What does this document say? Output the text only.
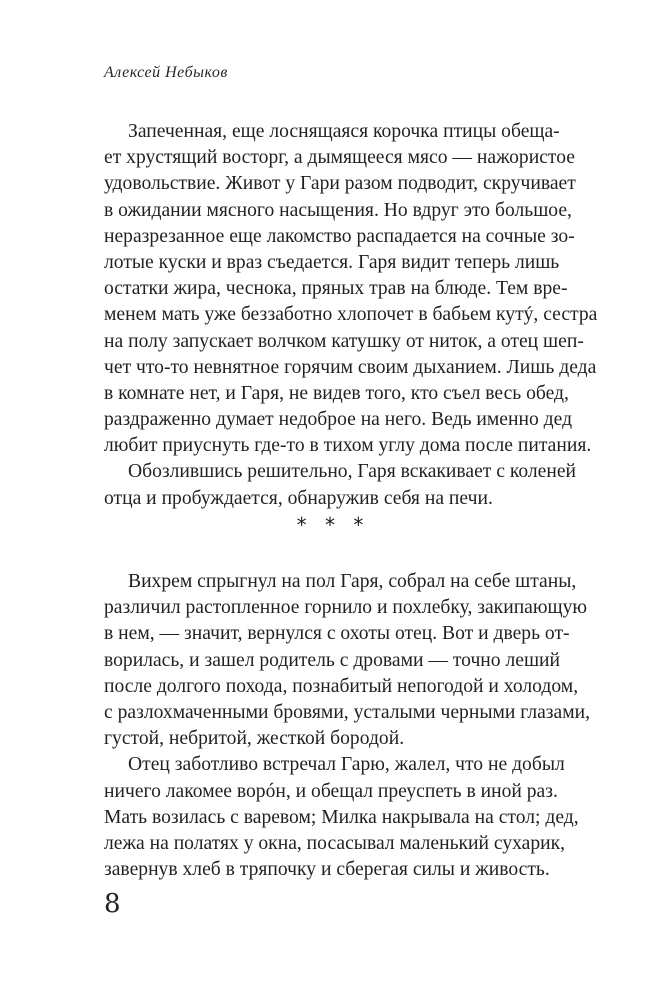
Алексей Небыков
Запеченная, еще лоснящаяся корочка птицы обеща-
ет хрустящий восторг, а дымящееся мясо — нажористое
удовольствие. Живот у Гари разом подводит, скручивает
в ожидании мясного насыщения. Но вдруг это большое,
неразрезанное еще лакомство распадается на сочные зо-
лотые куски и враз съедается. Гаря видит теперь лишь
остатки жира, чеснока, пряных трав на блюде. Тем вре-
менем мать уже беззаботно хлопочет в бабьем кутý, сестра
на полу запускает волчком катушку от ниток, а отец шеп-
чет что-то невнятное горячим своим дыханием. Лишь деда
в комнате нет, и Гаря, не видев того, кто съел весь обед,
раздраженно думает недоброе на него. Ведь именно дед
любит приуснуть где-то в тихом углу дома после питания.
Обозлившись решительно, Гаря вскакивает с коленей
отца и пробуждается, обнаружив себя на печи.
* * *
Вихрем спрыгнул на пол Гаря, собрал на себе штаны,
различил растопленное горнило и похлебку, закипающую
в нем, — значит, вернулся с охоты отец. Вот и дверь от-
ворилась, и зашел родитель с дровами — точно леший
после долгого похода, познабитый непогодой и холодом,
с разлохмаченными бровями, усталыми черными глазами,
густой, небритой, жесткой бородой.
Отец заботливо встречал Гарю, жалел, что не добыл
ничего лакомее ворóн, и обещал преуспеть в иной раз.
Мать возилась с варевом; Милка накрывала на стол; дед,
лежа на полатях у окна, посасывал маленький сухарик,
завернув хлеб в тряпочку и сберегая силы и живость.
8
